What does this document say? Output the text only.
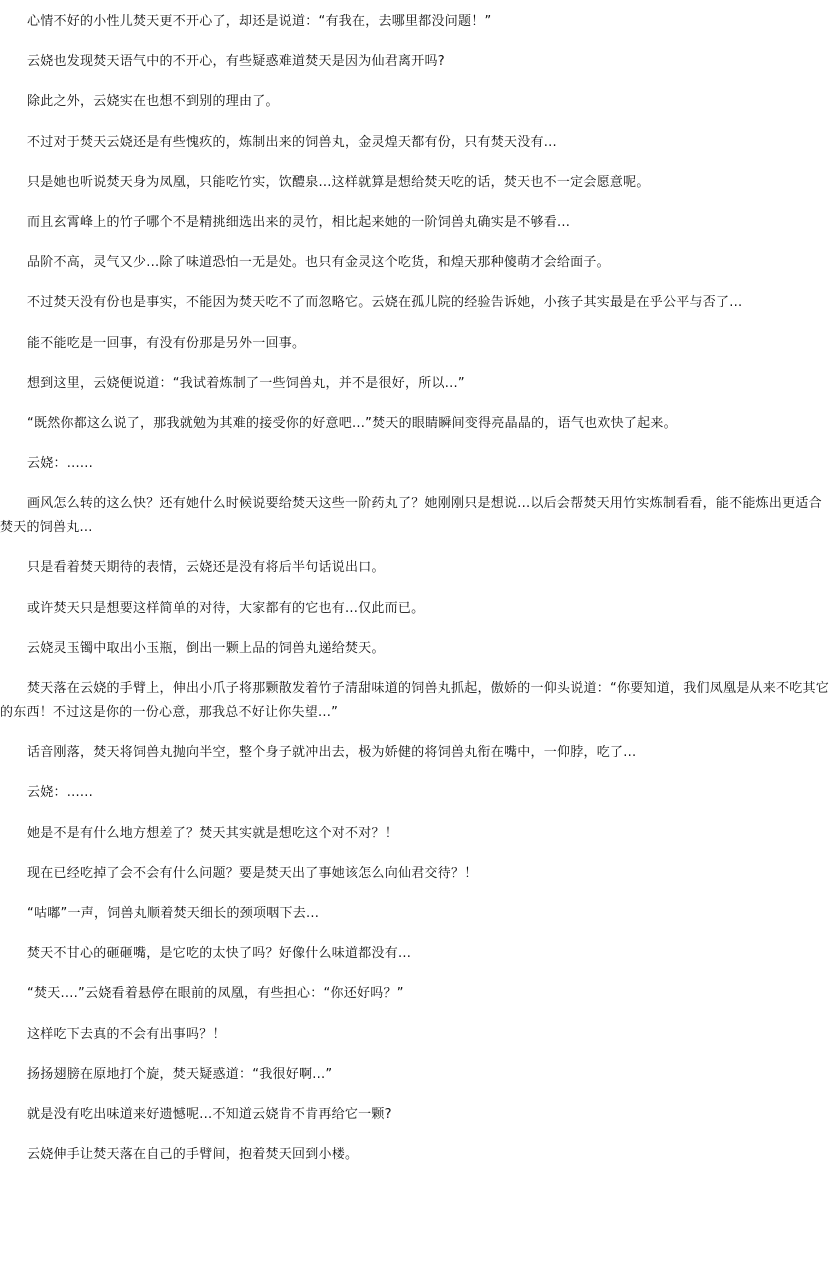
心情不好的小性儿焚天更不开心了，却还是说道：“有我在，去哪里都没问题！”

云娆也发现焚天语气中的不开心，有些疑惑难道焚天是因为仙君离开吗?

除此之外，云娆实在也想不到别的理由了。

不过对于焚天云娆还是有些愧疚的，炼制出来的饲兽丸，金灵煌天都有份，只有焚天没有...

只是她也听说焚天身为凤凰，只能吃竹实，饮醴泉...这样就算是想给焚天吃的话，焚天也不一定会愿意呢。

而且玄霄峰上的竹子哪个不是精挑细选出来的灵竹，相比起来她的一阶饲兽丸确实是不够看...

品阶不高，灵气又少...除了味道恐怕一无是处。也只有金灵这个吃货，和煌天那种傻萌才会给面子。

不过焚天没有份也是事实，不能因为焚天吃不了而忽略它。云娆在孤儿院的经验告诉她，小孩子其实最是在乎公平与否了...

能不能吃是一回事，有没有份那是另外一回事。

想到这里，云娆便说道：“我试着炼制了一些饲兽丸，并不是很好，所以...”

“既然你都这么说了，那我就勉为其难的接受你的好意吧...”焚天的眼睛瞬间变得亮晶晶的，语气也欢快了起来。

云娆：......

画风怎么转的这么快？还有她什么时候说要给焚天这些一阶药丸了？她刚刚只是想说...以后会帮焚天用竹实炼制看看，能不能炼出更适合焚天的饲兽丸...

只是看着焚天期待的表情，云娆还是没有将后半句话说出口。

或许焚天只是想要这样简单的对待，大家都有的它也有...仅此而已。

云娆灵玉镯中取出小玉瓶，倒出一颗上品的饲兽丸递给焚天。

焚天落在云娆的手臂上，伸出小爪子将那颗散发着竹子清甜味道的饲兽丸抓起，傲娇的一仰头说道：“你要知道，我们凤凰是从来不吃其它的东西！不过这是你的一份心意，那我总不好让你失望...”

话音刚落，焚天将饲兽丸抛向半空，整个身子就冲出去，极为娇健的将饲兽丸衔在嘴中，一仰脖，吃了...

云娆：......

她是不是有什么地方想差了？焚天其实就是想吃这个对不对？！

现在已经吃掉了会不会有什么问题？要是焚天出了事她该怎么向仙君交待？！

“咕嘟”一声，饲兽丸顺着焚天细长的颈项咽下去...

焚天不甘心的砸砸嘴，是它吃的太快了吗？好像什么味道都没有...

“焚天....”云娆看着悬停在眼前的凤凰，有些担心：“你还好吗？”

这样吃下去真的不会有出事吗？！

扬扬翅膀在原地打个旋，焚天疑惑道：“我很好啊...”

就是没有吃出味道来好遗憾呢...不知道云娆肯不肯再给它一颗?

云娆伸手让焚天落在自己的手臂间，抱着焚天回到小楼。
